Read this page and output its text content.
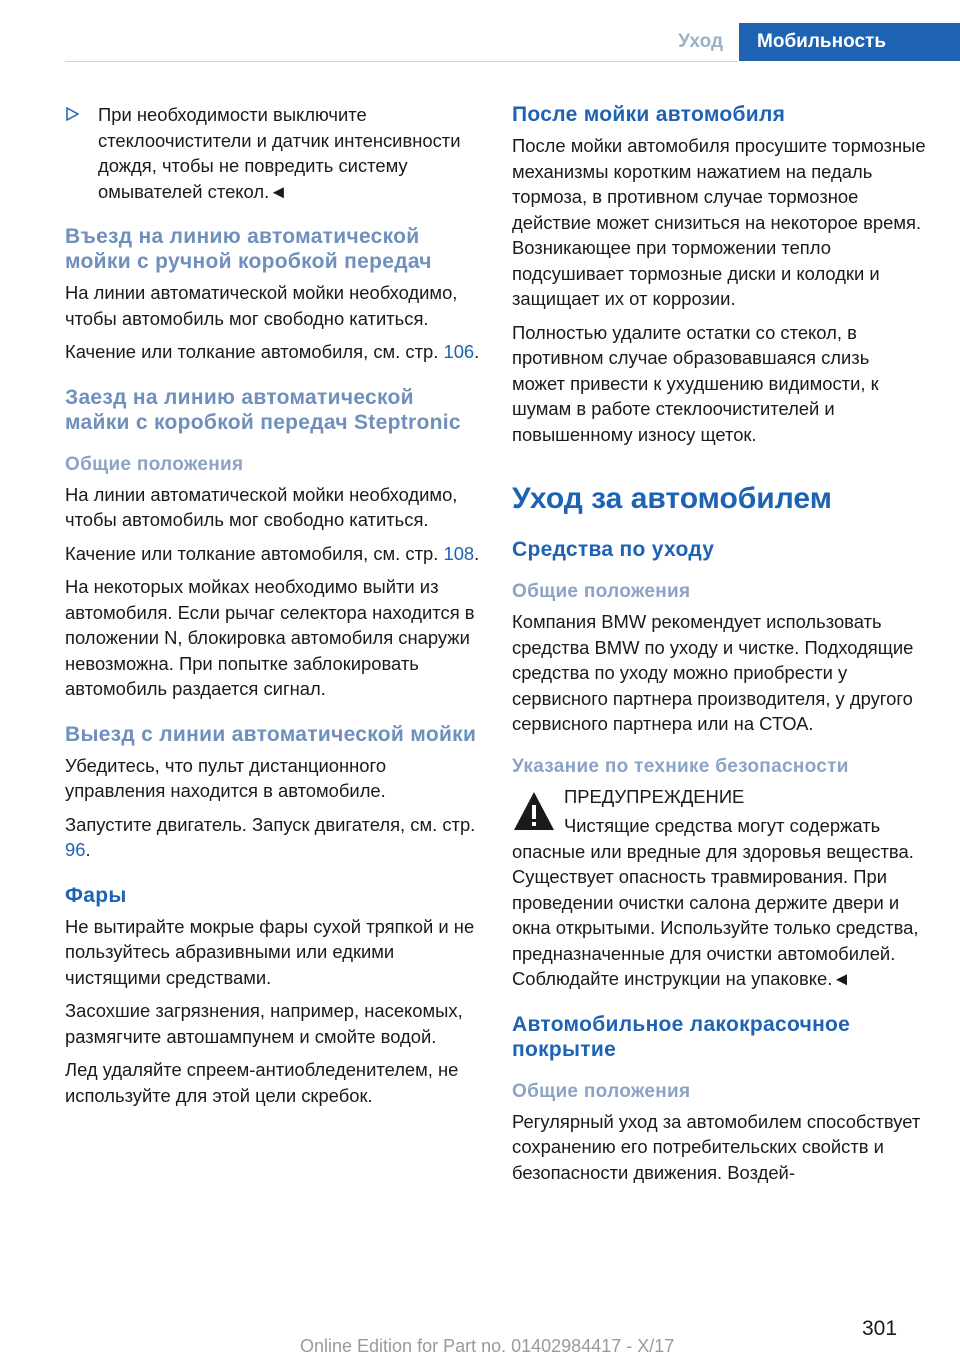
Уход	Мобильность

При необходимости выключите стеклоочистители и датчик интенсивности дождя, чтобы не повредить систему омывателей стекол.◄

Въезд на линию автоматической мойки с ручной коробкой передач

На линии автоматической мойки необходимо, чтобы автомобиль мог свободно катиться.

Качение или толкание автомобиля, см. стр. 106.

Заезд на линию автоматической майки с коробкой передач Steptronic
Общие положения

На линии автоматической мойки необходимо, чтобы автомобиль мог свободно катиться.

Качение или толкание автомобиля, см. стр. 108.

На некоторых мойках необходимо выйти из автомобиля. Если рычаг селектора находится в положении N, блокировка автомобиля снаружи невозможна. При попытке заблокировать автомобиль раздается сигнал.

Выезд с линии автоматической мойки

Убедитесь, что пульт дистанционного управления находится в автомобиле.

Запустите двигатель. Запуск двигателя, см. стр. 96.

Фары

Не вытирайте мокрые фары сухой тряпкой и не пользуйтесь абразивными или едкими чистящими средствами.

Засохшие загрязнения, например, насекомых, размягчите автошампунем и смойте водой.

Лед удаляйте спреем-антиобледенителем, не используйте для этой цели скребок.

После мойки автомобиля

После мойки автомобиля просушите тормозные механизмы коротким нажатием на педаль тормоза, в противном случае тормозное действие может снизиться на некоторое время. Возникающее при торможении тепло подсушивает тормозные диски и колодки и защищает их от коррозии.

Полностью удалите остатки со стекол, в противном случае образовавшаяся слизь может привести к ухудшению видимости, к шумам в работе стеклоочистителей и повышенному износу щеток.

Уход за автомобилем
Средства по уходу
Общие положения

Компания BMW рекомендует использовать средства BMW по уходу и чистке. Подходящие средства по уходу можно приобрести у сервисного партнера производителя, у другого сервисного партнера или на СТОА.

Указание по технике безопасности

ПРЕДУПРЕЖДЕНИЕ

Чистящие средства могут содержать опасные или вредные для здоровья вещества. Существует опасность травмирования. При проведении очистки салона держите двери и окна открытыми. Используйте только средства, предназначенные для очистки автомобилей. Соблюдайте инструкции на упаковке.◄

Автомобильное лакокрасочное покрытие
Общие положения

Регулярный уход за автомобилем способствует сохранению его потребительских свойств и безопасности движения. Воздей-

301
Online Edition for Part no. 01402984417 - X/17
